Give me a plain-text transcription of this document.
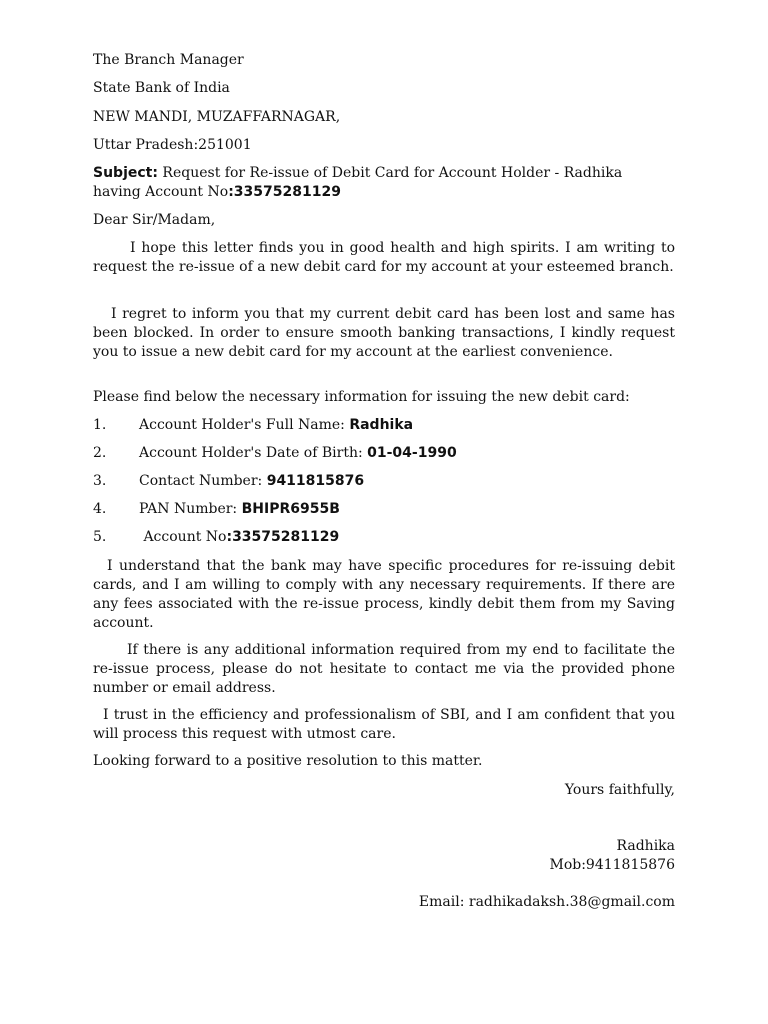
The Branch Manager
State Bank of India
NEW MANDI, MUZAFFARNAGAR,
Uttar Pradesh:251001
Subject: Request for Re-issue of Debit Card for Account Holder - Radhika
having Account No:33575281129
Dear Sir/Madam,
I hope this letter finds you in good health and high spirits. I am writing to request the re-issue of a new debit card for my account at your esteemed branch.
I regret to inform you that my current debit card has been lost and same has been blocked. In order to ensure smooth banking transactions, I kindly request you to issue a new debit card for my account at the earliest convenience.
Please find below the necessary information for issuing the new debit card:
1. Account Holder's Full Name: Radhika
2. Account Holder's Date of Birth: 01-04-1990
3. Contact Number: 9411815876
4. PAN Number: BHIPR6955B
5. Account No:33575281129
I understand that the bank may have specific procedures for re-issuing debit cards, and I am willing to comply with any necessary requirements. If there are any fees associated with the re-issue process, kindly debit them from my Saving account.
If there is any additional information required from my end to facilitate the re-issue process, please do not hesitate to contact me via the provided phone number or email address.
I trust in the efficiency and professionalism of SBI, and I am confident that you will process this request with utmost care.
Looking forward to a positive resolution to this matter.
Yours faithfully,
Radhika
Mob:9411815876
Email: radhikadaksh.38@gmail.com
